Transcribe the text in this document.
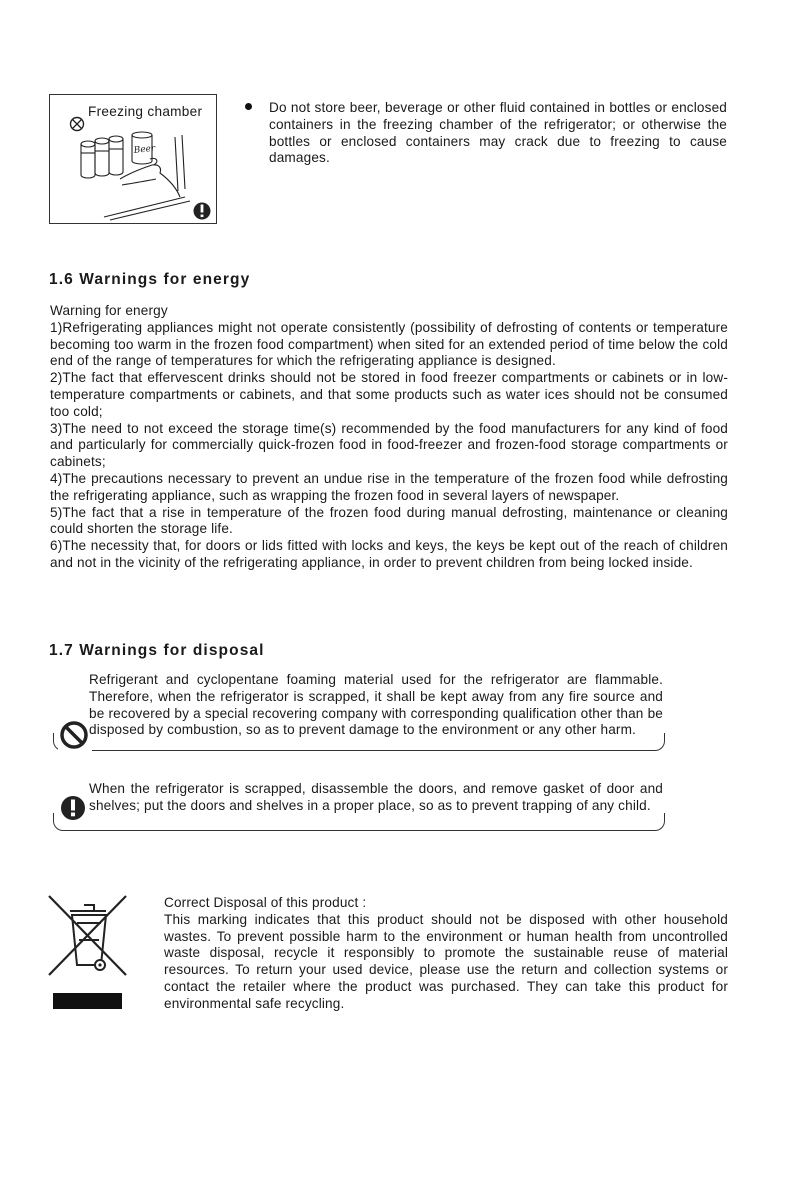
Beer
Freezing chamber	Do not store beer, beverage or other fluid contained in bottles or enclosed containers in the freezing chamber of the refrigerator; or otherwise the bottles or enclosed containers may crack due to freezing to cause damages.
1.6 Warnings for energy

Warning for energy

1)Refrigerating appliances might not operate consistently (possibility of defrosting of contents or temperature becoming too warm in the frozen food compartment) when sited for an extended period of time below the cold end of the range of temperatures for which the refrigerating appliance is designed.

2)The fact that effervescent drinks should not be stored in food freezer compartments or cabinets or in low-temperature compartments or cabinets, and that some products such as water ices should not be consumed too cold;

3)The need to not exceed the storage time(s) recommended by the food manufacturers for any kind of food and particularly for commercially quick-frozen food in food-freezer and frozen-food storage compartments or cabinets;

4)The precautions necessary to prevent an undue rise in the temperature of the frozen food while defrosting the refrigerating appliance, such as wrapping the frozen food in several layers of newspaper.

5)The fact that a rise in temperature of the frozen food during manual defrosting, maintenance or cleaning could shorten the storage life.

6)The necessity that, for doors or lids fitted with locks and keys, the keys be kept out of the reach of children and not in the vicinity of the refrigerating appliance, in order to prevent children from being locked inside.

1.7 Warnings for disposal
Refrigerant and cyclopentane foaming material used for the refrigerator are flammable. Therefore, when the refrigerator is scrapped, it shall be kept away from any fire source and be recovered by a special recovering company with corresponding qualification other than be disposed by combustion, so as to prevent damage to the environment or any other harm.
When the refrigerator is scrapped, disassemble the doors, and remove gasket of door and shelves; put the doors and shelves in a proper place, so as to prevent trapping of any child.
Correct Disposal of this product :
This marking indicates that this product should not be disposed with other household wastes. To prevent possible harm to the environment or human health from uncontrolled waste disposal, recycle it responsibly to promote the sustainable reuse of material resources. To return your used device, please use the return and collection systems or contact the retailer where the product was purchased. They can take this product for environmental safe recycling.
